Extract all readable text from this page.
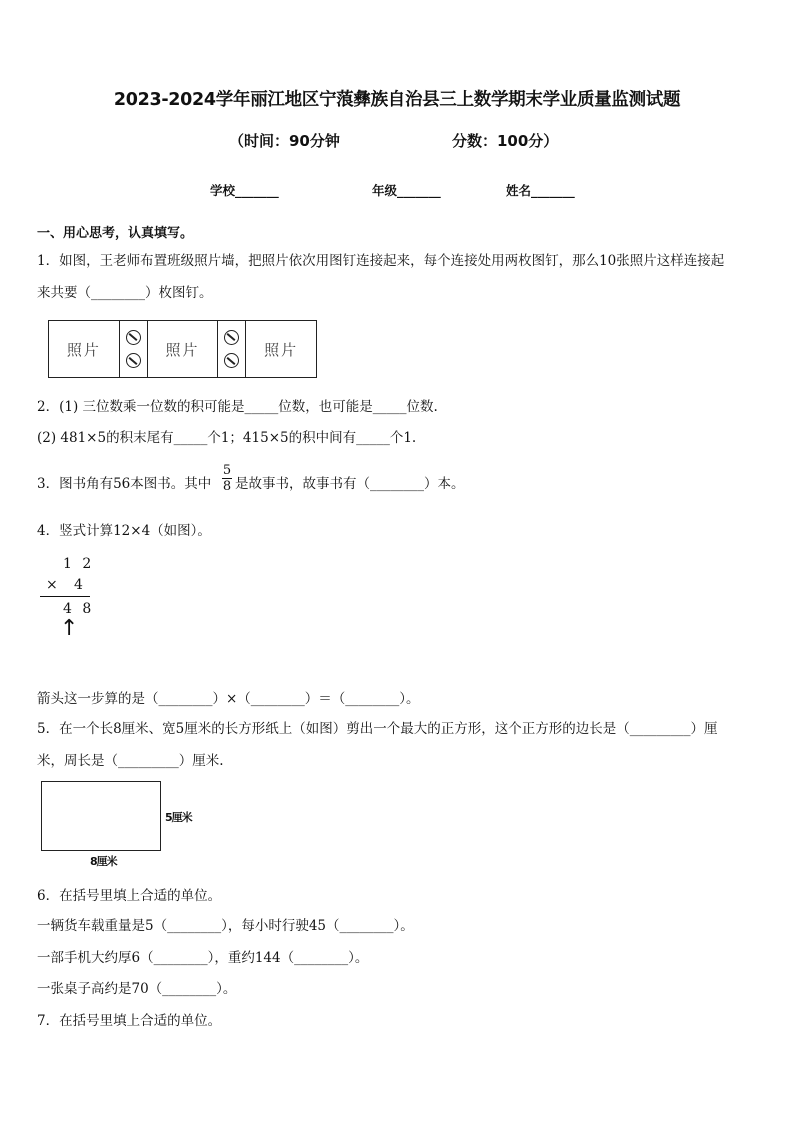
2023-2024学年丽江地区宁蒗彝族自治县三上数学期末学业质量监测试题
（时间：90分钟	分数：100分）
学校_______	年级_______	姓名_______
一、用心思考，认真填写。
1．如图，王老师布置班级照片墙，把照片依次用图钉连接起来，每个连接处用两枚图钉，那么10张照片这样连接起
来共要（________）枚图钉。
照片	照片	照片
2．(1) 三位数乘一位数的积可能是_____位数，也可能是_____位数.
(2) 481×5的积末尾有_____个1；415×5的积中间有_____个1.
3．图书角有56本图书。其中
5
8 是故事书，故事书有（________）本。
4．竖式计算12×4（如图）。
1 2
× 4
4 8
↑
箭头这一步算的是（________）×（________）＝（________）。
5．在一个长8厘米、宽5厘米的长方形纸上（如图）剪出一个最大的正方形，这个正方形的边长是（_________）厘
米，周长是（_________）厘米.
5厘米
8厘米
6．在括号里填上合适的单位。
一辆货车载重量是5（________），每小时行驶45（________）。
一部手机大约厚6（________），重约144（________）。
一张桌子高约是70（________）。
7．在括号里填上合适的单位。
